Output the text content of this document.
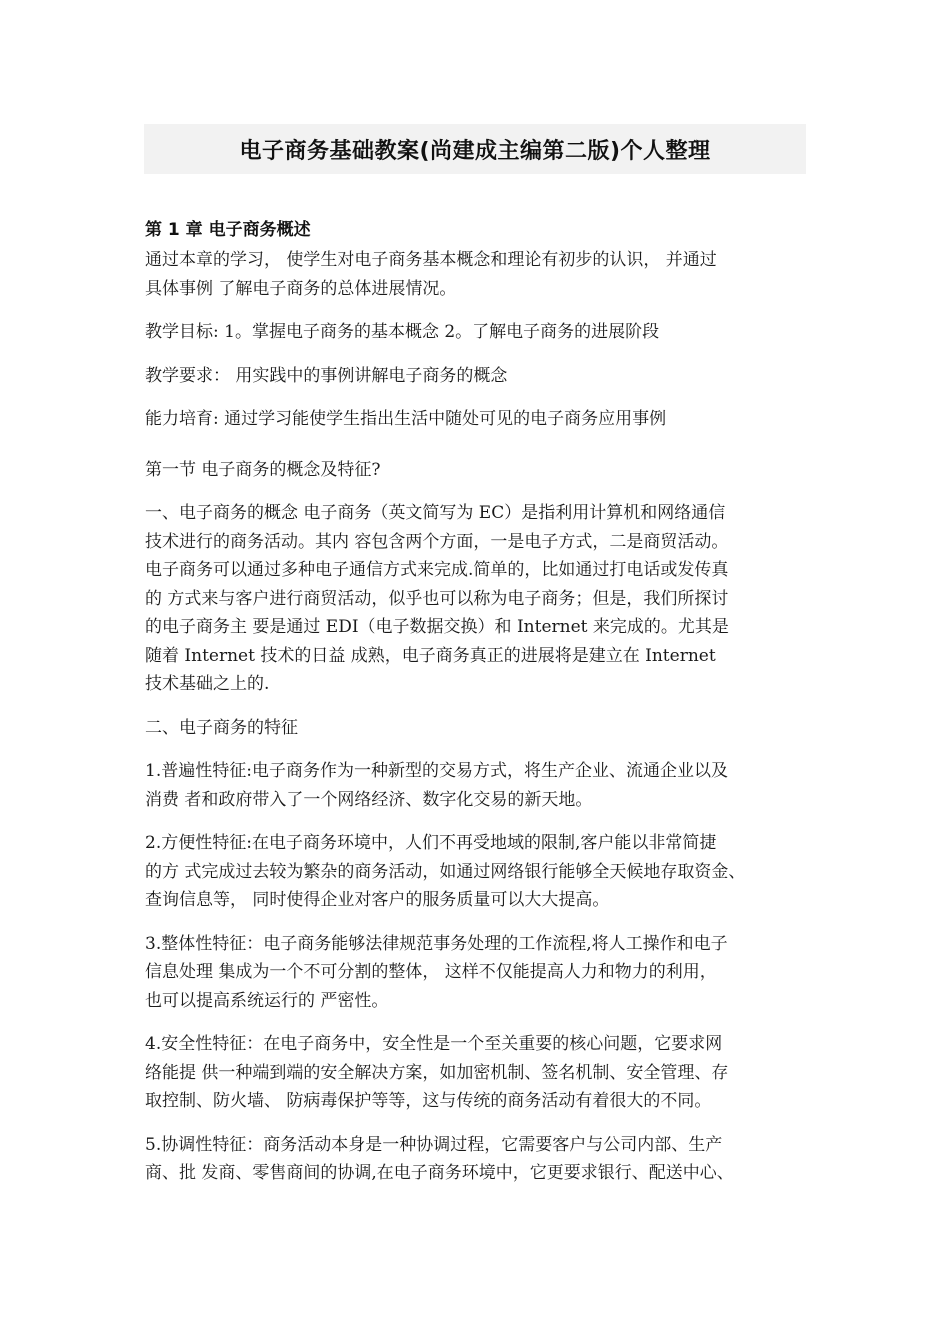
电子商务基础教案(尚建成主编第二版)个人整理

第 1 章 电子商务概述

通过本章的学习， 使学生对电子商务基本概念和理论有初步的认识， 并通过
具体事例 了解电子商务的总体进展情况。

教学目标: 1。掌握电子商务的基本概念 2。了解电子商务的进展阶段

教学要求： 用实践中的事例讲解电子商务的概念

能力培育: 通过学习能使学生指出生活中随处可见的电子商务应用事例

第一节 电子商务的概念及特征?

一、电子商务的概念 电子商务（英文简写为 EC）是指利用计算机和网络通信
技术进行的商务活动。其内 容包含两个方面，一是电子方式，二是商贸活动。
电子商务可以通过多种电子通信方式来完成.简单的，比如通过打电话或发传真
的 方式来与客户进行商贸活动，似乎也可以称为电子商务；但是，我们所探讨
的电子商务主 要是通过 EDI（电子数据交换）和 Internet 来完成的。尤其是
随着 Internet 技术的日益 成熟，电子商务真正的进展将是建立在 Internet
技术基础之上的.

二、电子商务的特征

1.普遍性特征:电子商务作为一种新型的交易方式，将生产企业、流通企业以及
消费 者和政府带入了一个网络经济、数字化交易的新天地。

2.方便性特征:在电子商务环境中，人们不再受地域的限制,客户能以非常简捷
的方 式完成过去较为繁杂的商务活动，如通过网络银行能够全天候地存取资金、
查询信息等， 同时使得企业对客户的服务质量可以大大提高。

3.整体性特征：电子商务能够法律规范事务处理的工作流程,将人工操作和电子
信息处理 集成为一个不可分割的整体， 这样不仅能提高人力和物力的利用，
也可以提高系统运行的 严密性。

4.安全性特征：在电子商务中，安全性是一个至关重要的核心问题，它要求网
络能提 供一种端到端的安全解决方案，如加密机制、签名机制、安全管理、存
取控制、防火墙、 防病毒保护等等，这与传统的商务活动有着很大的不同。

5.协调性特征：商务活动本身是一种协调过程，它需要客户与公司内部、生产
商、批 发商、零售商间的协调,在电子商务环境中，它更要求银行、配送中心、
